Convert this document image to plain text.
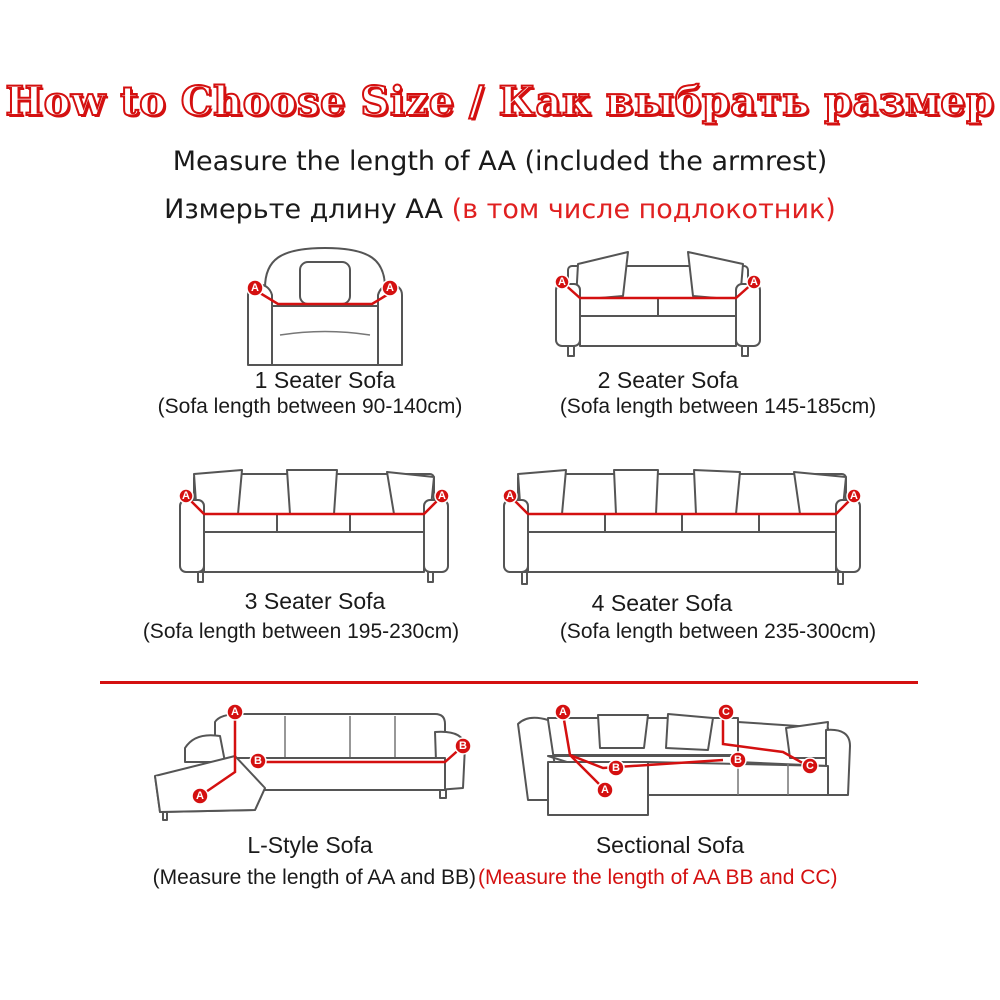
How to Choose Size / Как выбрать размер
Measure the length of AA (included the armrest)
Измерьте длину AA (в том числе подлокотник)
A	A
1 Seater Sofa
(Sofa length between 90-140cm)
A	A
2 Seater Sofa
(Sofa length between 145-185cm)
A	A
3 Seater Sofa
(Sofa length between 195-230cm)
A	A
4 Seater Sofa
(Sofa length between 235-300cm)
A
A
B
B
L-Style Sofa
(Measure the length of AA and BB)
A
A
B
B
C
C
Sectional Sofa
(Measure the length of AA BB and CC)
